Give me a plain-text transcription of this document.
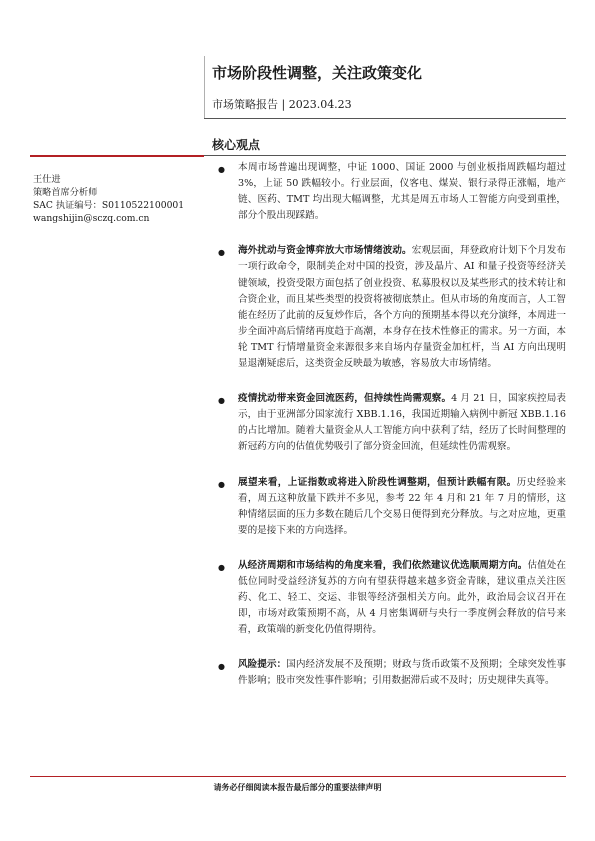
市场阶段性调整，关注政策变化
市场策略报告 | 2023.04.23
核心观点
王仕进
策略首席分析师
SAC 执证编号：S0110522100001
wangshijin@sczq.com.cn
● 本周市场普遍出现调整，中证 1000、国证 2000 与创业板指周跌幅均超过 3%，上证 50 跌幅较小。行业层面，仪客电、煤炭、银行录得正涨幅，地产链、医药、TMT 均出现大幅调整，尤其是周五市场人工智能方向受到重挫，部分个股出现踩踏。
● 海外扰动与资金博弈放大市场情绪波动。宏观层面，拜登政府计划下个月发布一项行政命令，限制美企对中国的投资，涉及晶片、AI 和量子投资等经济关键领域，投资受限方面包括了创业投资、私募股权以及某些形式的技术转让和合资企业，而且某些类型的投资将被彻底禁止。但从市场的角度而言，人工智能在经历了此前的反复炒作后，各个方向的预期基本得以充分演绎，本周进一步全面冲高后情绪再度趋于高潮，本身存在技术性修正的需求。另一方面，本轮 TMT 行情增量资金来源很多来自场内存量资金加杠杆，当 AI 方向出现明显退潮疑虑后，这类资金反映最为敏感，容易放大市场情绪。
● 疫情扰动带来资金回流医药，但持续性尚需观察。4 月 21 日，国家疾控局表示，由于亚洲部分国家流行 XBB.1.16，我国近期输入病例中新冠 XBB.1.16 的占比增加。随着大量资金从人工智能方向中获利了结，经历了长时间整理的新冠药方向的估值优势吸引了部分资金回流，但延续性仍需观察。
● 展望来看，上证指数或将进入阶段性调整期，但预计跌幅有限。历史经验来看，周五这种放量下跌并不多见，参考 22 年 4 月和 21 年 7 月的情形，这种情绪层面的压力多数在随后几个交易日便得到充分释放。与之对应地，更重要的是接下来的方向选择。
● 从经济周期和市场结构的角度来看，我们依然建议优选顺周期方向。估值处在低位同时受益经济复苏的方向有望获得越来越多资金青睐，建议重点关注医药、化工、轻工、交运、非银等经济强相关方向。此外，政治局会议召开在即，市场对政策预期不高，从 4 月密集调研与央行一季度例会释放的信号来看，政策端的新变化仍值得期待。
● 风险提示：国内经济发展不及预期；财政与货币政策不及预期；全球突发性事件影响；股市突发性事件影响；引用数据滞后或不及时；历史规律失真等。
请务必仔细阅读本报告最后部分的重要法律声明
